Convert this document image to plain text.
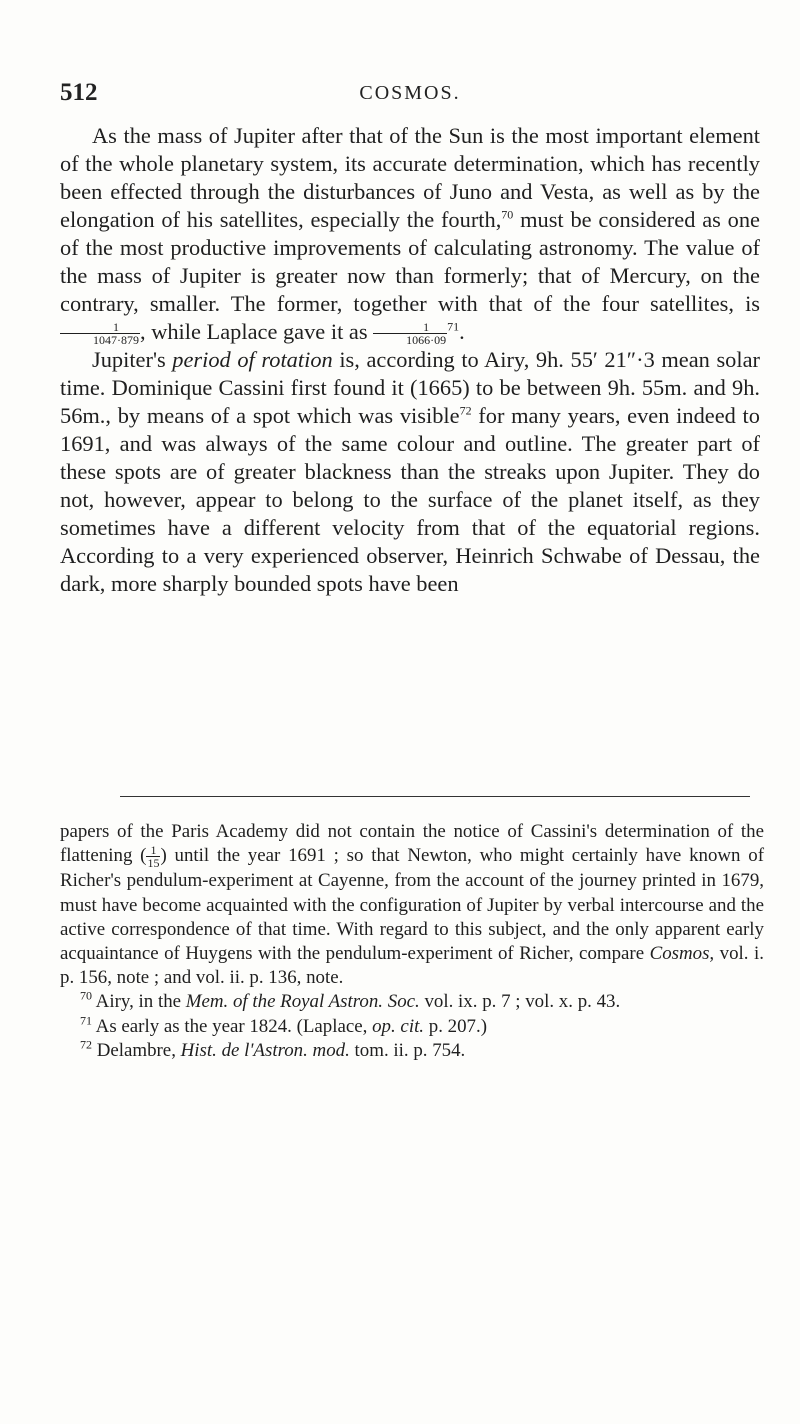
512	COSMOS.

As the mass of Jupiter after that of the Sun is the most important element of the whole planetary system, its accurate determination, which has recently been effected through the disturbances of Juno and Vesta, as well as by the elongation of his satellites, especially the fourth,$^{70}$ must be considered as one of the most productive improvements of calculating astronomy. The value of the mass of Jupiter is greater now than formerly; that of Mercury, on the contrary, smaller. The former, together with that of the four satellites, is
$\frac{1}{1047\cdot 879}$ , while Laplace gave it as $\frac{1}{1066\cdot 09} ^{71}$.

Jupiter's period of rotation is, according to Airy, 9h. 55′ 21″·3 mean solar time. Dominique Cassini first found it (1665) to be between 9h. 55m. and 9h. 56m., by means of a spot which was visible$^{72}$ for many years, even indeed to 1691, and was always of the same colour and outline. The greater part of these spots are of greater blackness than the streaks upon Jupiter. They do not, however, appear to belong to the surface of the planet itself, as they sometimes have a different velocity from that of the equatorial regions. According to a very experienced observer, Heinrich Schwabe of Dessau, the dark, more sharply bounded spots have been

papers of the Paris Academy did not contain the notice of Cassini's determination of the flattening ( $\frac{1}{15}$ ) until the year 1691 ; so that Newton, who might certainly have known of Richer's pendulum-experiment at Cayenne, from the account of the journey printed in 1679, must have become acquainted with the configuration of Jupiter by verbal intercourse and the active correspondence of that time. With regard to this subject, and the only apparent early acquaintance of Huygens with the pendulum-experiment of Richer, compare Cosmos, vol. i. p. 156, note ; and vol. ii. p. 136, note.

$^{70}$ Airy, in the Mem. of the Royal Astron. Soc. vol. ix. p. 7 ; vol. x. p. 43.

$^{71}$ As early as the year 1824. (Laplace, op. cit. p. 207.)

$^{72}$ Delambre, Hist. de l'Astron. mod. tom. ii. p. 754.
